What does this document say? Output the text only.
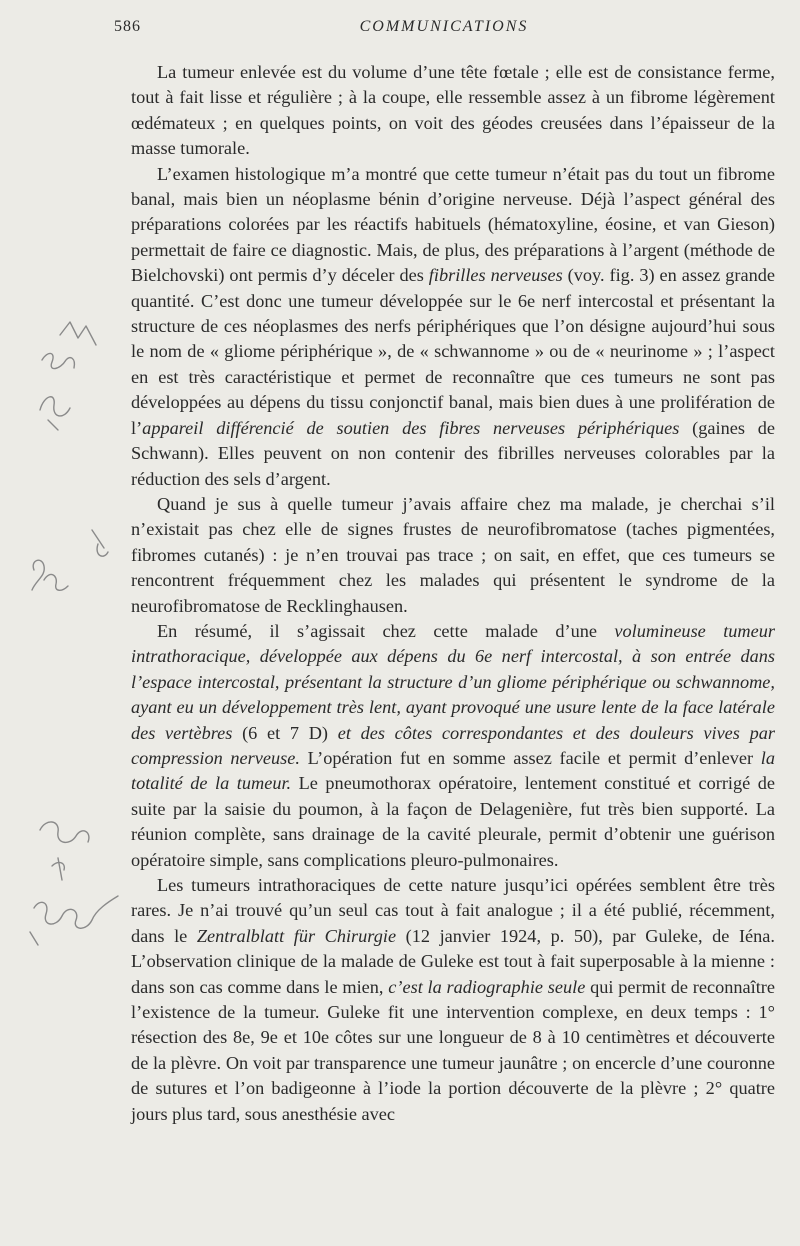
586	COMMUNICATIONS

La tumeur enlevée est du volume d’une tête fœtale ; elle est de consistance ferme, tout à fait lisse et régulière ; à la coupe, elle ressemble assez à un fibrome légèrement œdémateux ; en quelques points, on voit des géodes creusées dans l’épaisseur de la masse tumorale.

L’examen histologique m’a montré que cette tumeur n’était pas du tout un fibrome banal, mais bien un néoplasme bénin d’origine nerveuse. Déjà l’aspect général des préparations colorées par les réactifs habituels (hématoxyline, éosine, et van Gieson) permettait de faire ce diagnostic. Mais, de plus, des préparations à l’argent (méthode de Bielchovski) ont permis d’y déceler des fibrilles nerveuses (voy. fig. 3) en assez grande quantité. C’est donc une tumeur développée sur le 6e nerf intercostal et présentant la structure de ces néoplasmes des nerfs périphériques que l’on désigne aujourd’hui sous le nom de « gliome périphérique », de « schwannome » ou de « neurinome » ; l’aspect en est très caractéristique et permet de reconnaître que ces tumeurs ne sont pas développées au dépens du tissu conjonctif banal, mais bien dues à une prolifération de l’appareil différencié de soutien des fibres nerveuses périphériques (gaines de Schwann). Elles peuvent on non contenir des fibrilles nerveuses colorables par la réduction des sels d’argent.

Quand je sus à quelle tumeur j’avais affaire chez ma malade, je cherchai s’il n’existait pas chez elle de signes frustes de neurofibromatose (taches pigmentées, fibromes cutanés) : je n’en trouvai pas trace ; on sait, en effet, que ces tumeurs se rencontrent fréquemment chez les malades qui présentent le syndrome de la neurofibromatose de Recklinghausen.

En résumé, il s’agissait chez cette malade d’une volumineuse tumeur intrathoracique, développée aux dépens du 6e nerf intercostal, à son entrée dans l’espace intercostal, présentant la structure d’un gliome périphérique ou schwannome, ayant eu un développement très lent, ayant provoqué une usure lente de la face latérale des vertèbres (6 et 7 D) et des côtes correspondantes et des douleurs vives par compression nerveuse. L’opération fut en somme assez facile et permit d’enlever la totalité de la tumeur. Le pneumothorax opératoire, lentement constitué et corrigé de suite par la saisie du poumon, à la façon de Delagenière, fut très bien supporté. La réunion complète, sans drainage de la cavité pleurale, permit d’obtenir une guérison opératoire simple, sans complications pleuro-pulmonaires.

Les tumeurs intrathoraciques de cette nature jusqu’ici opérées semblent être très rares. Je n’ai trouvé qu’un seul cas tout à fait analogue ; il a été publié, récemment, dans le Zentralblatt für Chirurgie (12 janvier 1924, p. 50), par Guleke, de Iéna. L’observation clinique de la malade de Guleke est tout à fait superposable à la mienne : dans son cas comme dans le mien, c’est la radiographie seule qui permit de reconnaître l’existence de la tumeur. Guleke fit une intervention complexe, en deux temps : 1° résection des 8e, 9e et 10e côtes sur une longueur de 8 à 10 centimètres et découverte de la plèvre. On voit par transparence une tumeur jaunâtre ; on encercle d’une couronne de sutures et l’on badigeonne à l’iode la portion découverte de la plèvre ; 2° quatre jours plus tard, sous anesthésie avec
